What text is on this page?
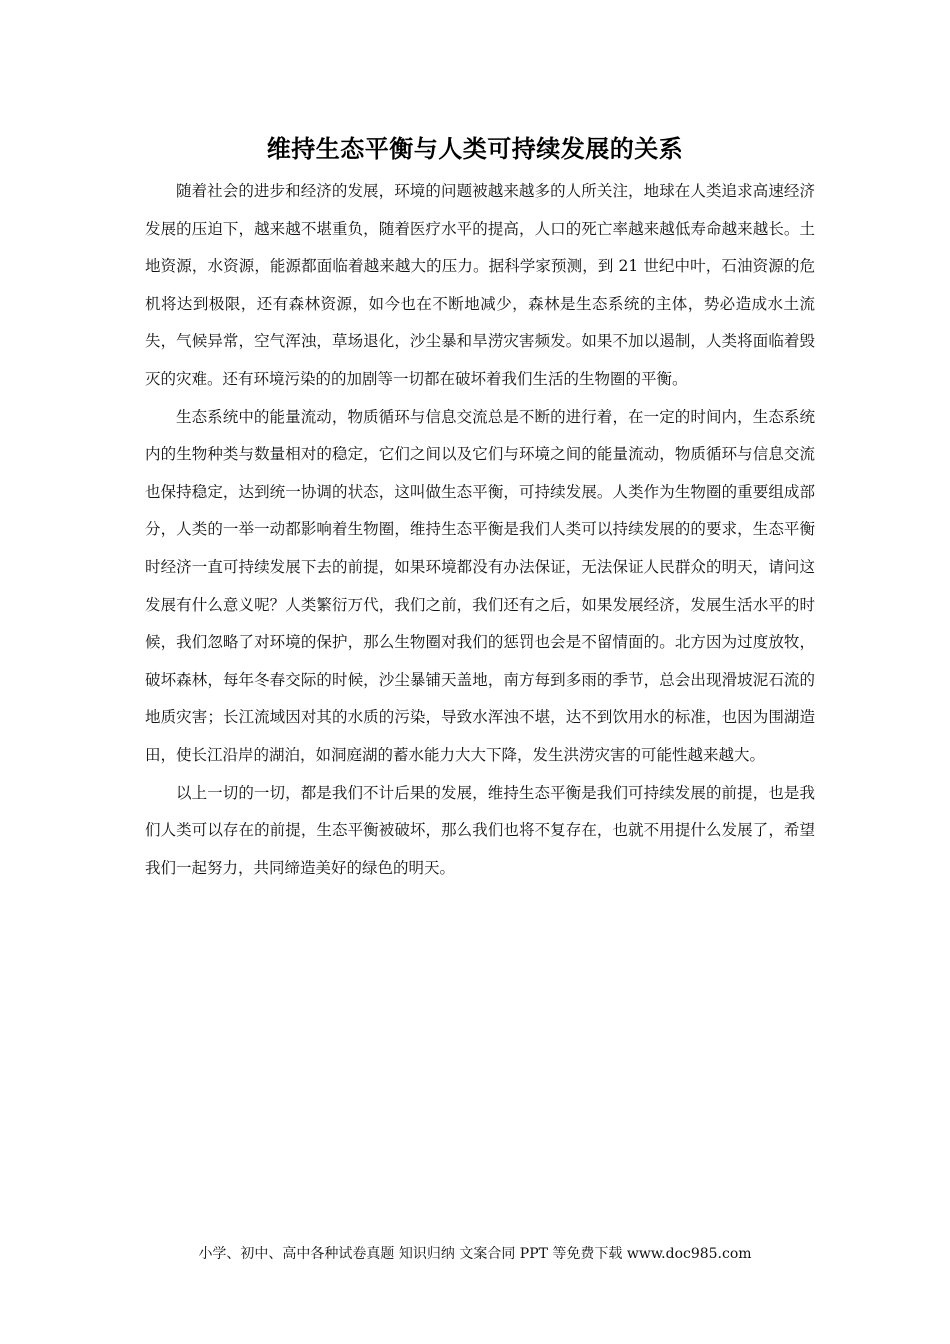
维持生态平衡与人类可持续发展的关系

随着社会的进步和经济的发展，环境的问题被越来越多的人所关注，地球在人类追求高速经济发展的压迫下，越来越不堪重负，随着医疗水平的提高，人口的死亡率越来越低寿命越来越长。土地资源，水资源，能源都面临着越来越大的压力。据科学家预测，到 21 世纪中叶，石油资源的危机将达到极限，还有森林资源，如今也在不断地减少，森林是生态系统的主体，势必造成水土流失，气候异常，空气浑浊，草场退化，沙尘暴和旱涝灾害频发。如果不加以遏制，人类将面临着毁灭的灾难。还有环境污染的的加剧等一切都在破坏着我们生活的生物圈的平衡。

生态系统中的能量流动，物质循环与信息交流总是不断的进行着，在一定的时间内，生态系统内的生物种类与数量相对的稳定，它们之间以及它们与环境之间的能量流动，物质循环与信息交流也保持稳定，达到统一协调的状态，这叫做生态平衡，可持续发展。人类作为生物圈的重要组成部分，人类的一举一动都影响着生物圈，维持生态平衡是我们人类可以持续发展的的要求，生态平衡时经济一直可持续发展下去的前提，如果环境都没有办法保证，无法保证人民群众的明天，请问这发展有什么意义呢？人类繁衍万代，我们之前，我们还有之后，如果发展经济，发展生活水平的时候，我们忽略了对环境的保护，那么生物圈对我们的惩罚也会是不留情面的。北方因为过度放牧，破坏森林，每年冬春交际的时候，沙尘暴铺天盖地，南方每到多雨的季节，总会出现滑坡泥石流的地质灾害；长江流域因对其的水质的污染，导致水浑浊不堪，达不到饮用水的标准，也因为围湖造田，使长江沿岸的湖泊，如洞庭湖的蓄水能力大大下降，发生洪涝灾害的可能性越来越大。

以上一切的一切，都是我们不计后果的发展，维持生态平衡是我们可持续发展的前提，也是我们人类可以存在的前提，生态平衡被破坏，那么我们也将不复存在，也就不用提什么发展了，希望我们一起努力，共同缔造美好的绿色的明天。

小学、初中、高中各种试卷真题 知识归纳 文案合同 PPT 等免费下载 www.doc985.com
